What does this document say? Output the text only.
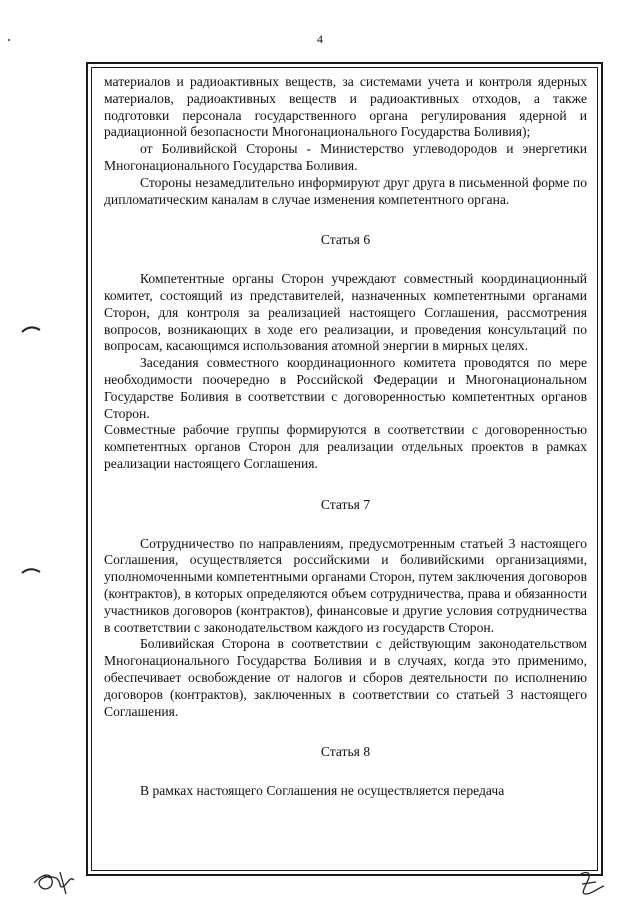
4

материалов и радиоактивных веществ, за системами учета и контроля ядерных материалов, радиоактивных веществ и радиоактивных отходов, а также подготовки персонала государственного органа регулирования ядерной и радиационной безопасности Многонационального Государства Боливия);

от Боливийской Стороны - Министерство углеводородов и энергетики Многонационального Государства Боливия.

Стороны незамедлительно информируют друг друга в письменной форме по дипломатическим каналам в случае изменения компетентного органа.

Статья 6

Компетентные органы Сторон учреждают совместный координационный комитет, состоящий из представителей, назначенных компетентными органами Сторон, для контроля за реализацией настоящего Соглашения, рассмотрения вопросов, возникающих в ходе его реализации, и проведения консультаций по вопросам, касающимся использования атомной энергии в мирных целях.

Заседания совместного координационного комитета проводятся по мере необходимости поочередно в Российской Федерации и Многонациональном Государстве Боливия в соответствии с договоренностью компетентных органов Сторон.

Совместные рабочие группы формируются в соответствии с договоренностью компетентных органов Сторон для реализации отдельных проектов в рамках реализации настоящего Соглашения.

Статья 7

Сотрудничество по направлениям, предусмотренным статьей 3 настоящего Соглашения, осуществляется российскими и боливийскими организациями, уполномоченными компетентными органами Сторон, путем заключения договоров (контрактов), в которых определяются объем сотрудничества, права и обязанности участников договоров (контрактов), финансовые и другие условия сотрудничества в соответствии с законодательством каждого из государств Сторон.

Боливийская Сторона в соответствии с действующим законодательством Многонационального Государства Боливия и в случаях, когда это применимо, обеспечивает освобождение от налогов и сборов деятельности по исполнению договоров (контрактов), заключенных в соответствии со статьей 3 настоящего Соглашения.

Статья 8

В рамках настоящего Соглашения не осуществляется передача
